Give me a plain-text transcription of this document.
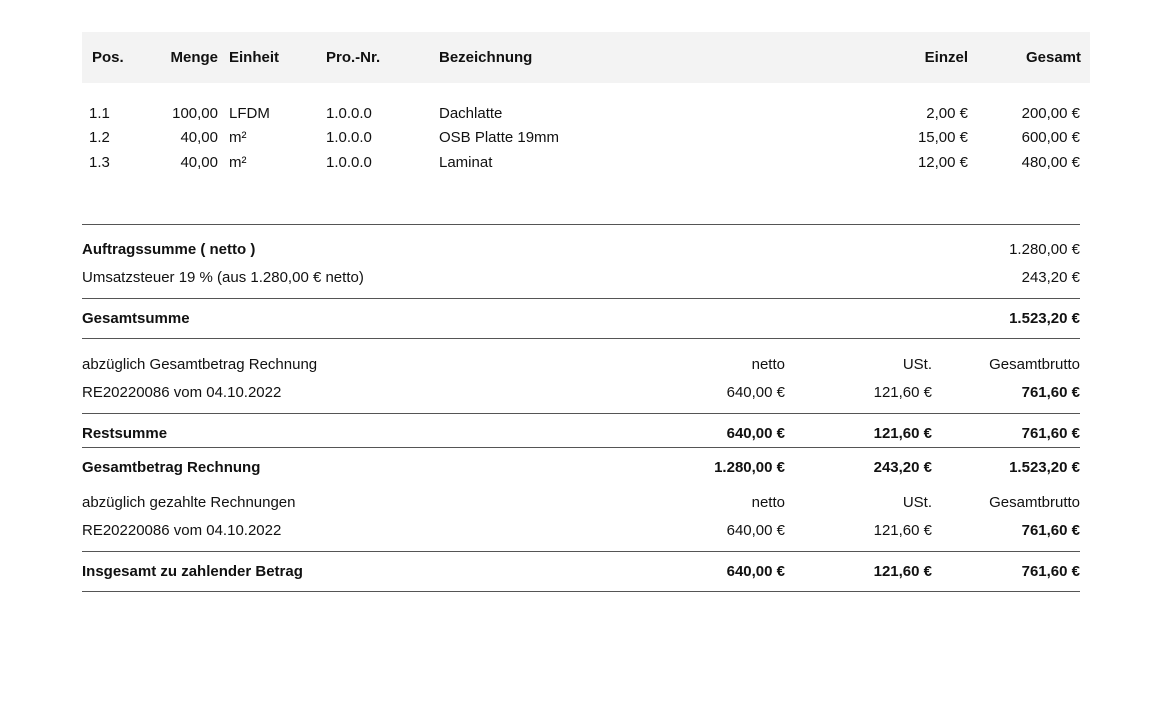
Pos.	Menge Einheit	Pro.-Nr.	Bezeichnung	Einzel	Gesamt
1.1	100,00 LFDM	1.0.0.0	Dachlatte	2,00 €	200,00 €
1.2	40,00 m²	1.0.0.0	OSB Platte 19mm	15,00 €	600,00 €
1.3	40,00 m²	1.0.0.0	Laminat	12,00 €	480,00 €
Auftragssumme ( netto )	1.280,00 €
Umsatzsteuer 19 % (aus 1.280,00 € netto)	243,20 €
Gesamtsumme	1.523,20 €
abzüglich Gesamtbetrag Rechnung	netto	USt.	Gesamtbrutto
RE20220086 vom 04.10.2022	640,00 €	121,60 €	761,60 €
Restsumme	640,00 €	121,60 €	761,60 €
Gesamtbetrag Rechnung	1.280,00 €	243,20 €	1.523,20 €
abzüglich gezahlte Rechnungen	netto	USt.	Gesamtbrutto
RE20220086 vom 04.10.2022	640,00 €	121,60 €	761,60 €
Insgesamt zu zahlender Betrag	640,00 €	121,60 €	761,60 €
